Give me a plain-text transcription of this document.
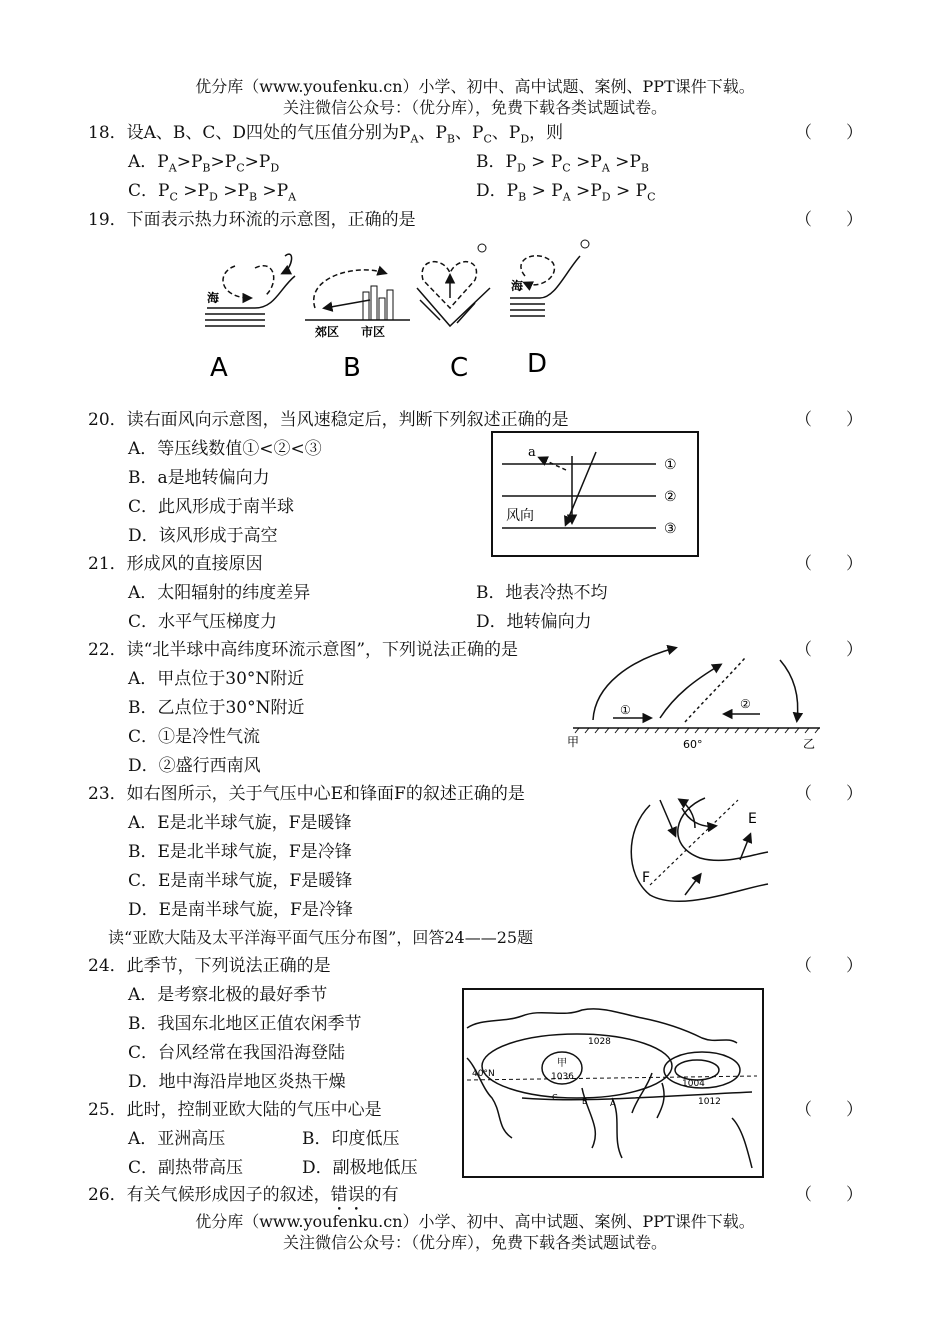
优分库（www.youfenku.cn）小学、初中、高中试题、案例、PPT课件下载。
关注微信公众号：（优分库），免费下载各类试题试卷。
18．设A、B、C、D四处的气压值分别为$P_A$、$P_B$、$P_C$、$P_D$，则	（　　）
A．$P_A>P_B>P_C>P_D$	B．$P_D > P_C >P_A >P_B$
C．$P_C >P_D >P_B >P_A$	D．$P_B > P_A >P_D > P_C$
19．下面表示热力环流的示意图，正确的是	（　　）
海
A
郊区 市区
B	C
海
D
20．读右面风向示意图，当风速稳定后，判断下列叙述正确的是	（　　）
A．等压线数值①<②<③
B．a是地转偏向力
C．此风形成于南半球
D．该风形成于高空
①
②
③
a
风向
21．形成风的直接原因	（　　）
A．太阳辐射的纬度差异	B．地表冷热不均
C．水平气压梯度力	D．地转偏向力
22．读“北半球中高纬度环流示意图”，下列说法正确的是	（　　）
A．甲点位于30°N附近
B．乙点位于30°N附近
C．①是冷性气流
D．②盛行西南风
①	②
甲	60°	乙
23．如右图所示，关于气压中心E和锋面F的叙述正确的是	（　　）
A．E是北半球气旋，F是暖锋
B．E是北半球气旋，F是冷锋
C．E是南半球气旋，F是暖锋
D．E是南半球气旋，F是冷锋
E
F
读“亚欧大陆及太平洋海平面气压分布图”，回答24——25题
24．此季节，下列说法正确的是	（　　）
A．是考察北极的最好季节
B．我国东北地区正值农闲季节
C．台风经常在我国沿海登陆
D．地中海沿岸地区炎热干燥
1028
甲
1036
1004
1012
40°N
C	B	A
25．此时，控制亚欧大陆的气压中心是	（　　）
A．亚洲高压	B．印度低压
C．副热带高压	D．副极地低压
26．有关气候形成因子的叙述，错误的有	（　　）
优分库（www.youfenku.cn）小学、初中、高中试题、案例、PPT课件下载。
关注微信公众号：（优分库），免费下载各类试题试卷。
